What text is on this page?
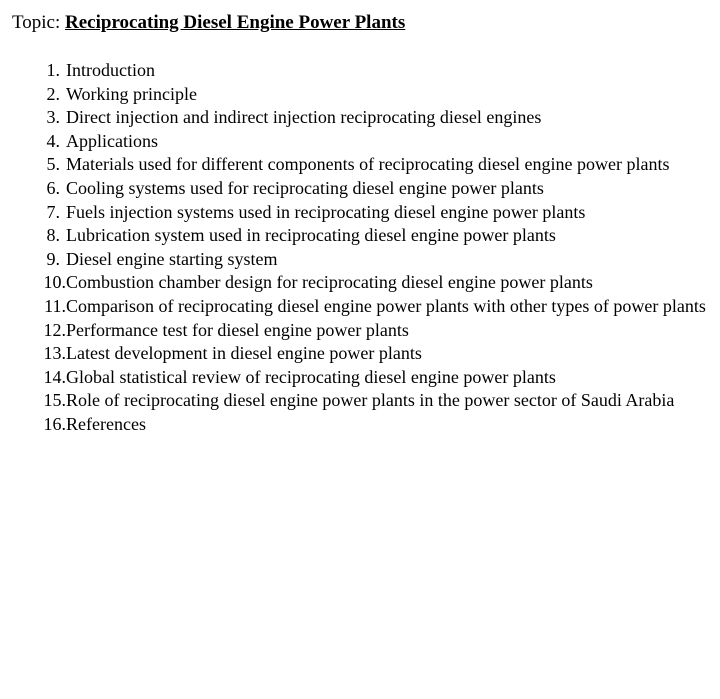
Topic: Reciprocating Diesel Engine Power Plants
1. Introduction
2. Working principle
3. Direct injection and indirect injection reciprocating diesel engines
4. Applications
5. Materials used for different components of reciprocating diesel engine power plants
6. Cooling systems used for reciprocating diesel engine power plants
7. Fuels injection systems used in reciprocating diesel engine power plants
8. Lubrication system used in reciprocating diesel engine power plants
9. Diesel engine starting system
10. Combustion chamber design for reciprocating diesel engine power plants
11. Comparison of reciprocating diesel engine power plants with other types of power plants
12. Performance test for diesel engine power plants
13. Latest development in diesel engine power plants
14. Global statistical review of reciprocating diesel engine power plants
15. Role of reciprocating diesel engine power plants in the power sector of Saudi Arabia
16. References
